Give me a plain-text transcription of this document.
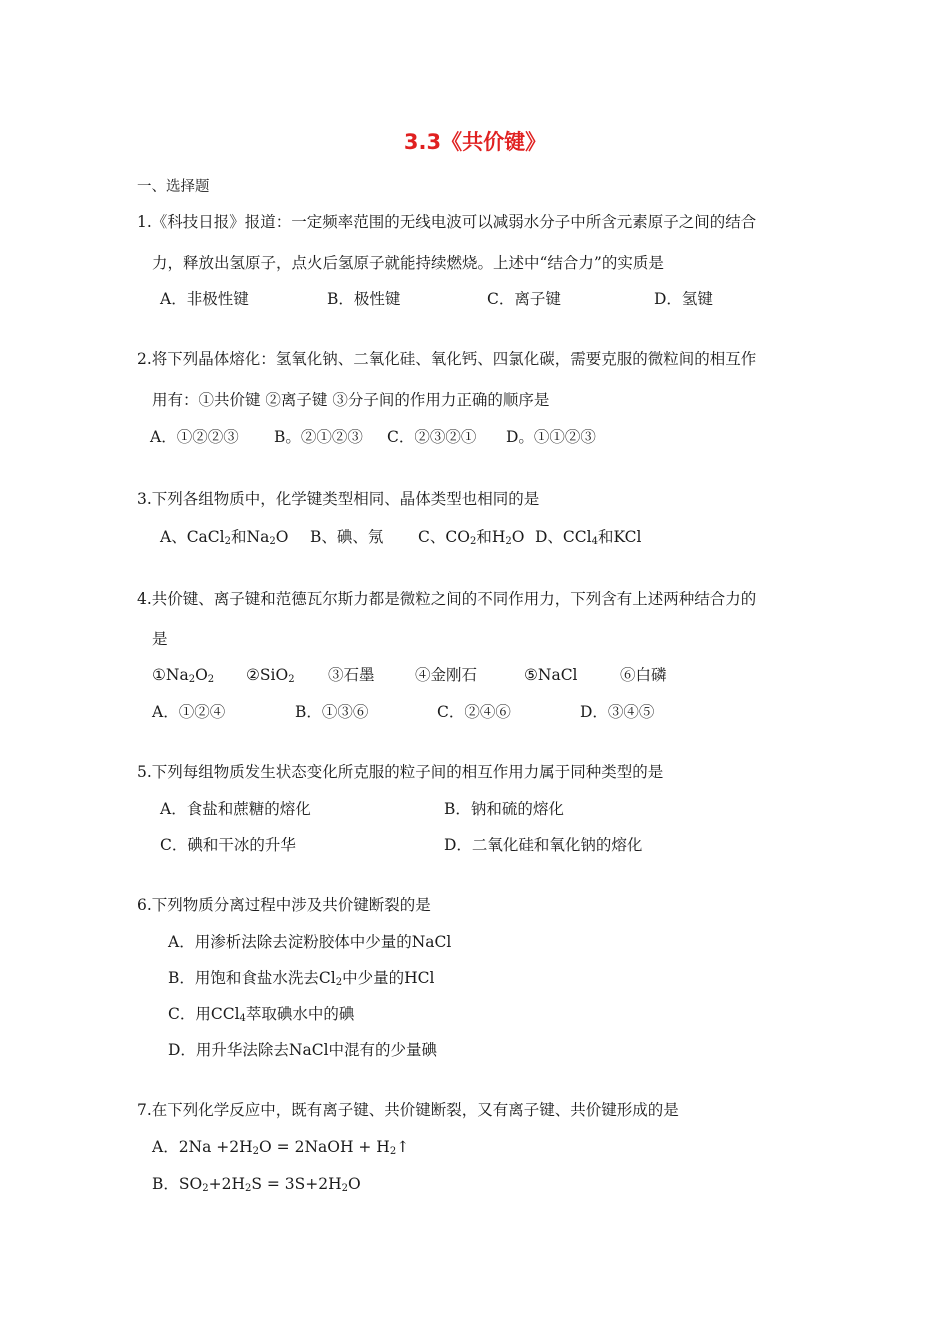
3.3《共价键》
一、选择题
1.《科技日报》报道：一定频率范围的无线电波可以减弱水分子中所含元素原子之间的结合
力，释放出氢原子，点火后氢原子就能持续燃烧。上述中“结合力”的实质是
A．非极性键	B．极性键	C．离子键	D．氢键
2.将下列晶体熔化：氢氧化钠、二氧化硅、氧化钙、四氯化碳，需要克服的微粒间的相互作
用有：①共价键 ②离子键 ③分子间的作用力正确的顺序是
A．①②②③ B。②①②③ C．②③②① D。①①②③
3.下列各组物质中，化学键类型相同、晶体类型也相同的是
A、CaCl$_2$和$Na_2O$ B、碘、氖 C、$CO_2$和$H_2O$ D、CCl$_4$和KCl
4.共价键、离子键和范德瓦尔斯力都是微粒之间的不同作用力，下列含有上述两种结合力的
是
$①Na_2O_2$ ②SiO$_2$ ③石墨	④金刚石	⑤NaCl	⑥白磷
A．①②④	B．①③⑥	C．②④⑥	D．③④⑤
5.下列每组物质发生状态变化所克服的粒子间的相互作用力属于同种类型的是
A．食盐和蔗糖的熔化	B．钠和硫的熔化
C．碘和干冰的升华	D．二氧化硅和氧化钠的熔化
6.下列物质分离过程中涉及共价键断裂的是
A．用渗析法除去淀粉胶体中少量的NaCl
B．用饱和食盐水洗去$Cl_2$中少量的HCl
C．用CCl$_4$萃取碘水中的碘
D．用升华法除去NaCl中混有的少量碘
7.在下列化学反应中，既有离子键、共价键断裂，又有离子键、共价键形成的是
A．$2Na +2H_2O$ = 2NaOH + $H_2↑$
B．$SO_2+2H_2S = 3S+2H_2O$
